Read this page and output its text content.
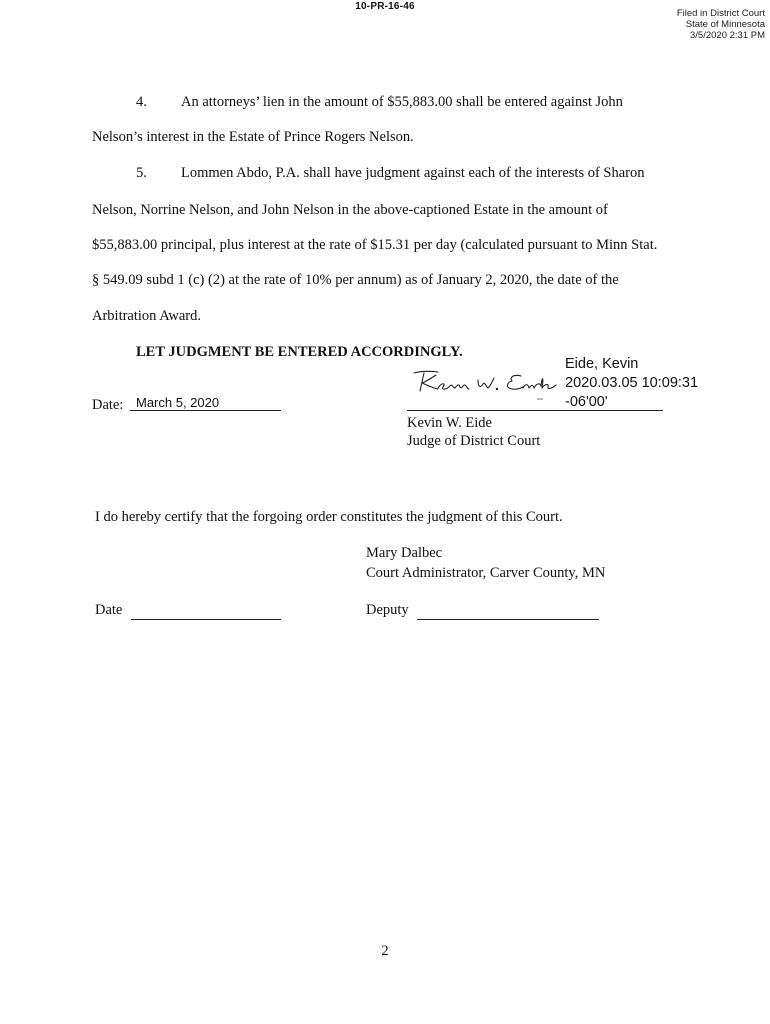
10-PR-16-46
Filed in District Court
State of Minnesota
3/5/2020 2:31 PM
4. An attorneys’ lien in the amount of $55,883.00 shall be entered against John
Nelson’s interest in the Estate of Prince Rogers Nelson.
5. Lommen Abdo, P.A. shall have judgment against each of the interests of Sharon
Nelson, Norrine Nelson, and John Nelson in the above-captioned Estate in the amount of
$55,883.00 principal, plus interest at the rate of $15.31 per day (calculated pursuant to Minn Stat.
§ 549.09 subd 1 (c) (2) at the rate of 10% per annum) as of January 2, 2020, the date of the
Arbitration Award.
LET JUDGMENT BE ENTERED ACCORDINGLY.
Date: March 5, 2020
Eide, Kevin
2020.03.05 10:09:31
-06'00'
Kevin W. Eide
Judge of District Court
I do hereby certify that the forgoing order constitutes the judgment of this Court.
Mary Dalbec
Court Administrator, Carver County, MN
Date	Deputy
2
